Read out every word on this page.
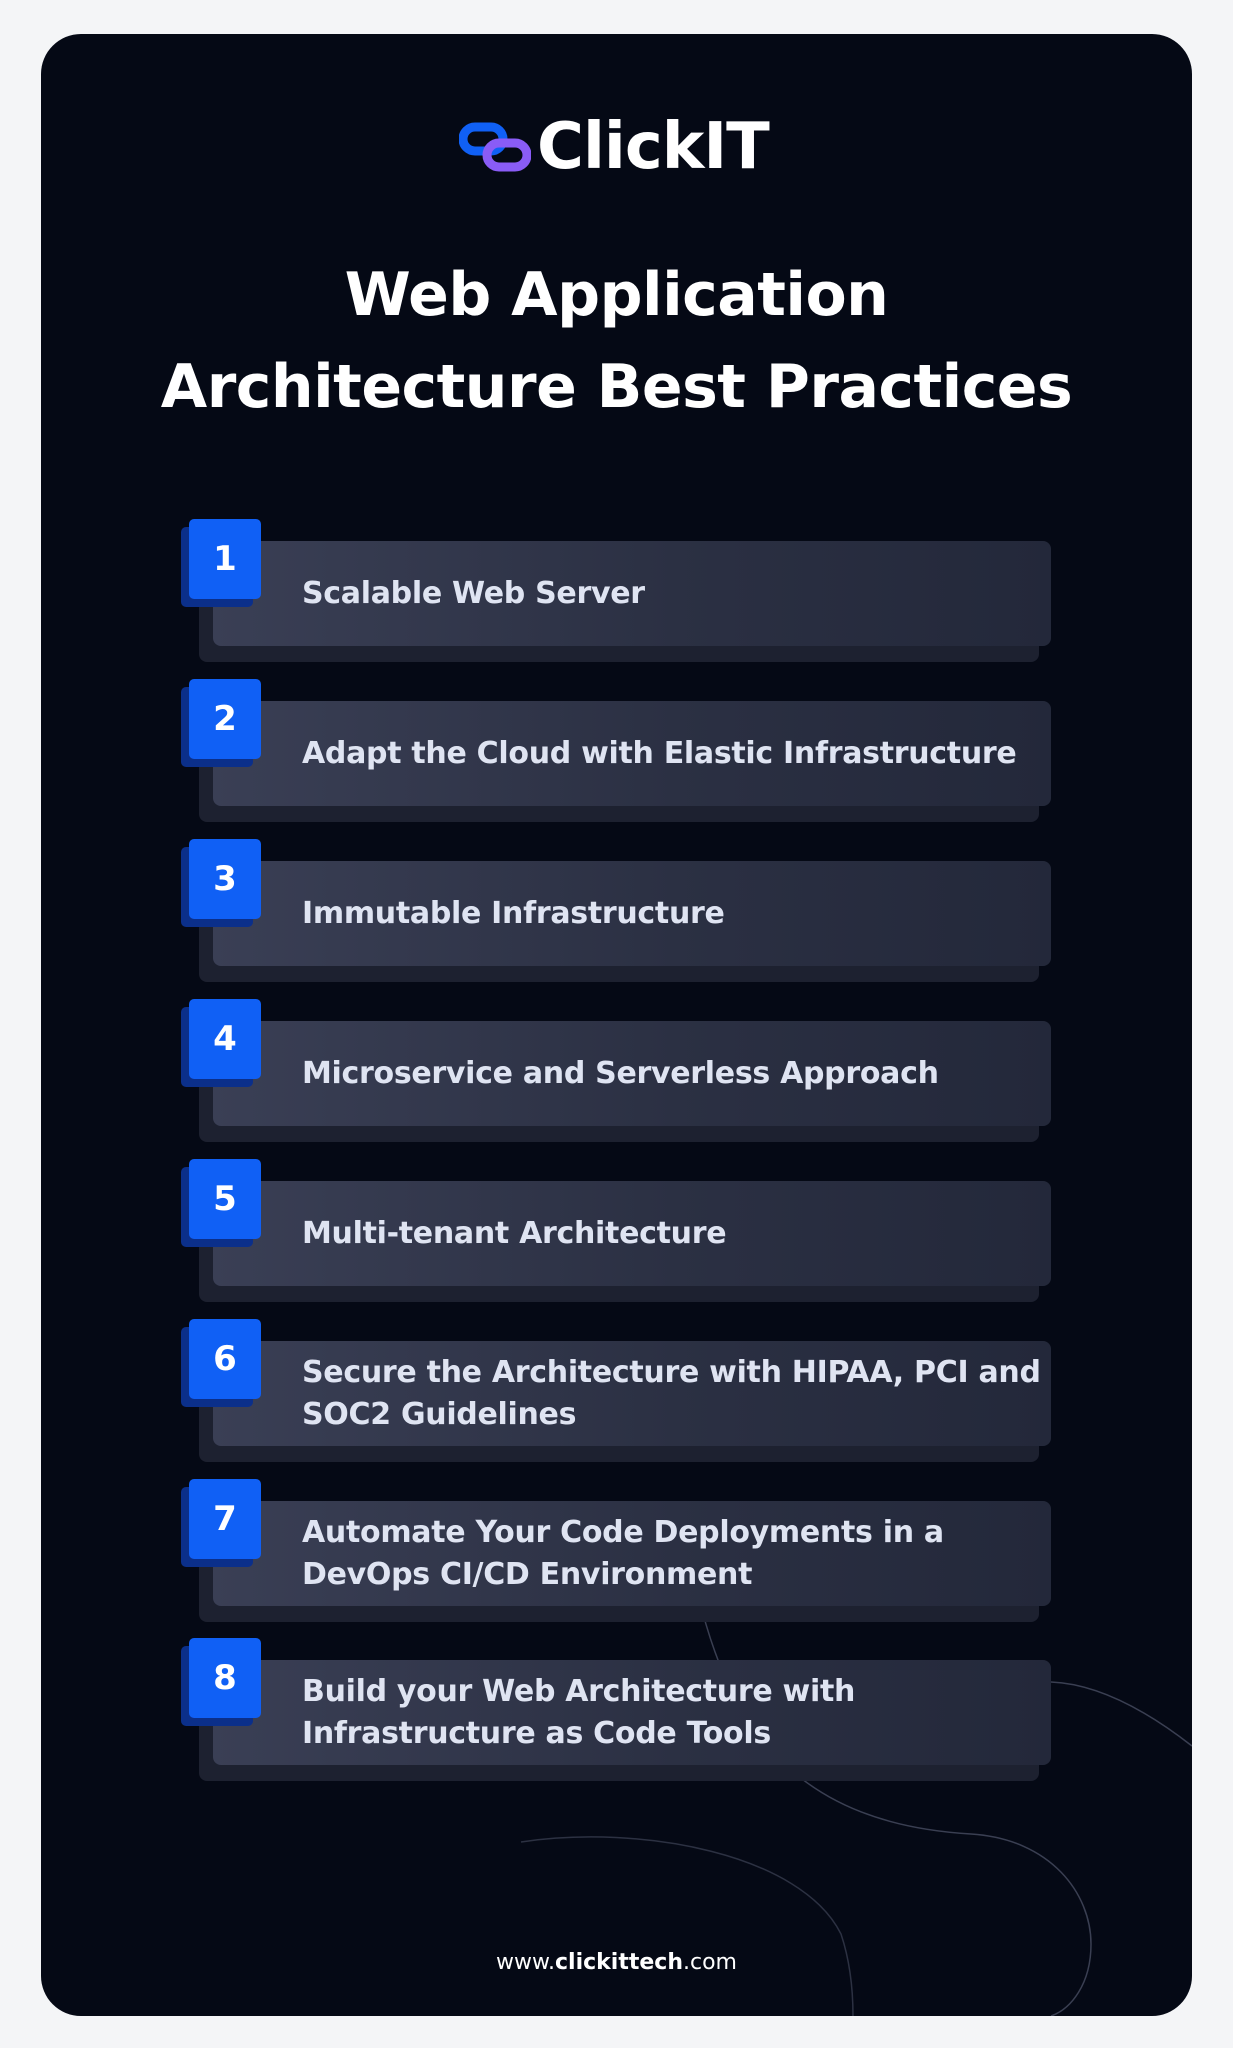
ClickIT
Web Application
Architecture Best Practices
1
Scalable Web Server
2
Adapt the Cloud with Elastic Infrastructure
3
Immutable Infrastructure
4
Microservice and Serverless Approach
5
Multi-tenant Architecture
6	Secure the Architecture with HIPAA, PCI and SOC2 Guidelines
7	Automate Your Code Deployments in a DevOps CI/CD Environment
8	Build your Web Architecture with Infrastructure as Code Tools
www.clickittech.com
